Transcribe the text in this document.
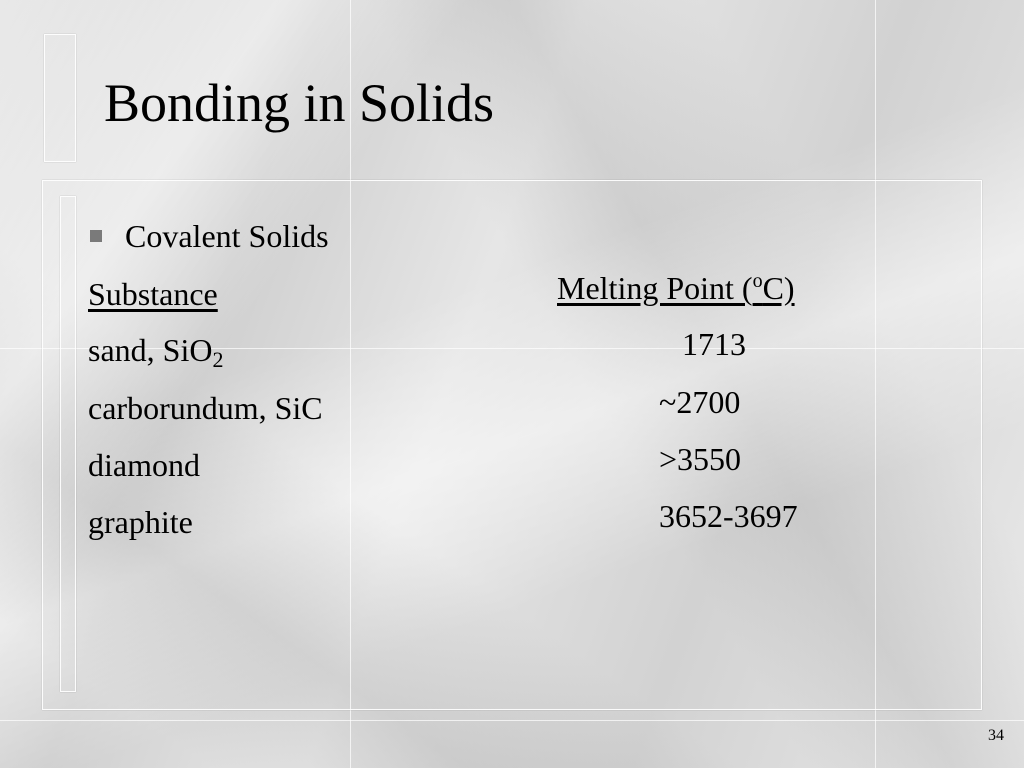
Bonding in Solids
Covalent Solids
Substance	Melting Point ($^o$C)
sand, SiO$_2$	1713
carborundum, SiC	~2700
diamond	>3550
graphite	3652-3697
34
